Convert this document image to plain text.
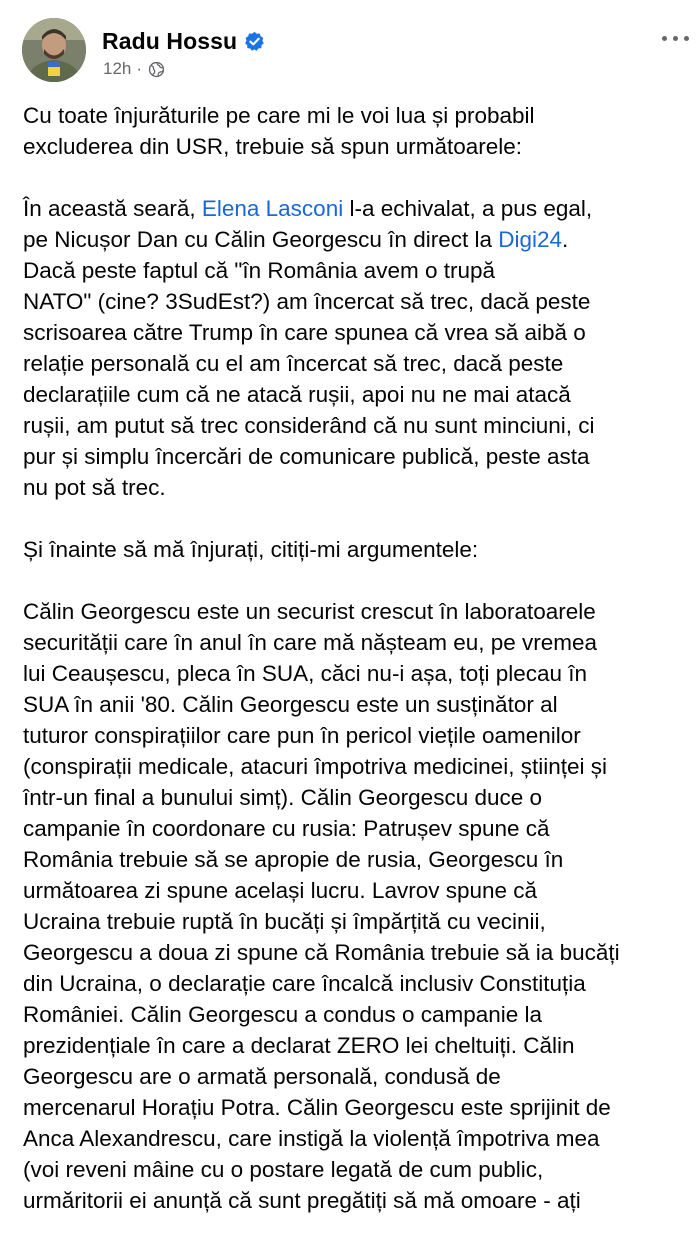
Radu Hossu
12h ·
Cu toate înjurăturile pe care mi le voi lua și probabil
excluderea din USR, trebuie să spun următoarele:
În această seară, Elena Lasconi l-a echivalat, a pus egal,
pe Nicușor Dan cu Călin Georgescu în direct la Digi24.
Dacă peste faptul că "în România avem o trupă
NATO" (cine? 3SudEst?) am încercat să trec, dacă peste
scrisoarea către Trump în care spunea că vrea să aibă o
relație personală cu el am încercat să trec, dacă peste
declarațiile cum că ne atacă rușii, apoi nu ne mai atacă
rușii, am putut să trec considerând că nu sunt minciuni, ci
pur și simplu încercări de comunicare publică, peste asta
nu pot să trec.
Și înainte să mă înjurați, citiți-mi argumentele:
Călin Georgescu este un securist crescut în laboratoarele
securității care în anul în care mă nășteam eu, pe vremea
lui Ceaușescu, pleca în SUA, căci nu-i așa, toți plecau în
SUA în anii '80. Călin Georgescu este un susținător al
tuturor conspirațiilor care pun în pericol viețile oamenilor
(conspirații medicale, atacuri împotriva medicinei, științei și
într-un final a bunului simț). Călin Georgescu duce o
campanie în coordonare cu rusia: Patrușev spune că
România trebuie să se apropie de rusia, Georgescu în
următoarea zi spune același lucru. Lavrov spune că
Ucraina trebuie ruptă în bucăți și împărțită cu vecinii,
Georgescu a doua zi spune că România trebuie să ia bucăți
din Ucraina, o declarație care încalcă inclusiv Constituția
României. Călin Georgescu a condus o campanie la
prezidențiale în care a declarat ZERO lei cheltuiți. Călin
Georgescu are o armată personală, condusă de
mercenarul Horațiu Potra. Călin Georgescu este sprijinit de
Anca Alexandrescu, care instigă la violență împotriva mea
(voi reveni mâine cu o postare legată de cum public,
urmăritorii ei anunță că sunt pregătiți să mă omoare - ați
